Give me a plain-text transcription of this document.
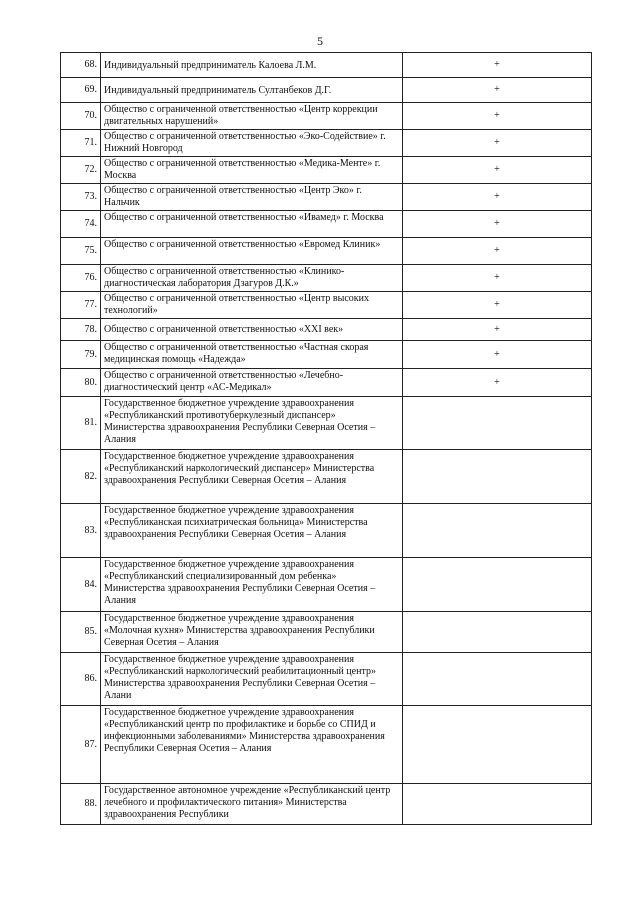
5
68.	Индивидуальный предприниматель Калоева Л.М.	+
69.	Индивидуальный предприниматель Султанбеков Д.Г.	+
70.	Общество с ограниченной ответственностью «Центр коррекции двигательных нарушений»	+
71.	Общество с ограниченной ответственностью «Эко-Содействие» г. Нижний Новгород	+
72.	Общество с ограниченной ответственностью «Медика-Менте» г. Москва	+
73.	Общество с ограниченной ответственностью «Центр Эко» г. Нальчик	+
74.	Общество с ограниченной ответственностью «Ивамед» г. Москва	+
75.	Общество с ограниченной ответственностью «Евромед Клиник»	+
76.	Общество с ограниченной ответственностью «Клинико-диагностическая лаборатория Дзагуров Д.К.»	+
77.	Общество с ограниченной ответственностью «Центр высоких технологий»	+
78.	Общество с ограниченной ответственностью «XXI век»	+
79.	Общество с ограниченной ответственностью «Частная скорая медицинская помощь «Надежда»	+
80.	Общество с ограниченной ответственностью «Лечебно-диагностический центр «АС-Медикал»	+
81.	Государственное бюджетное учреждение здравоохранения «Республиканский противотуберкулезный диспансер» Министерства здравоохранения Республики Северная Осетия – Алания	

82.	Государственное бюджетное учреждение здравоохранения «Республиканский наркологический диспансер» Министерства здравоохранения Республики Северная Осетия – Алания	

83.	Государственное бюджетное учреждение здравоохранения «Республиканская психиатрическая больница» Министерства здравоохранения Республики Северная Осетия – Алания	

84.	Государственное бюджетное учреждение здравоохранения «Республиканский специализированный дом ребенка» Министерства здравоохранения Республики Северная Осетия – Алания	

85.	Государственное бюджетное учреждение здравоохранения «Молочная кухня» Министерства здравоохранения Республики Северная Осетия – Алания	

86.	Государственное бюджетное учреждение здравоохранения «Республиканский наркологический реабилитационный центр» Министерства здравоохранения Республики Северная Осетия – Алани	

87.	Государственное бюджетное учреждение здравоохранения «Республиканский центр по профилактике и борьбе со СПИД и инфекционными заболеваниями» Министерства здравоохранения Республики Северная Осетия – Алания	

88.	Государственное автономное учреждение «Республиканский центр лечебного и профилактического питания» Министерства здравоохранения Республики	
